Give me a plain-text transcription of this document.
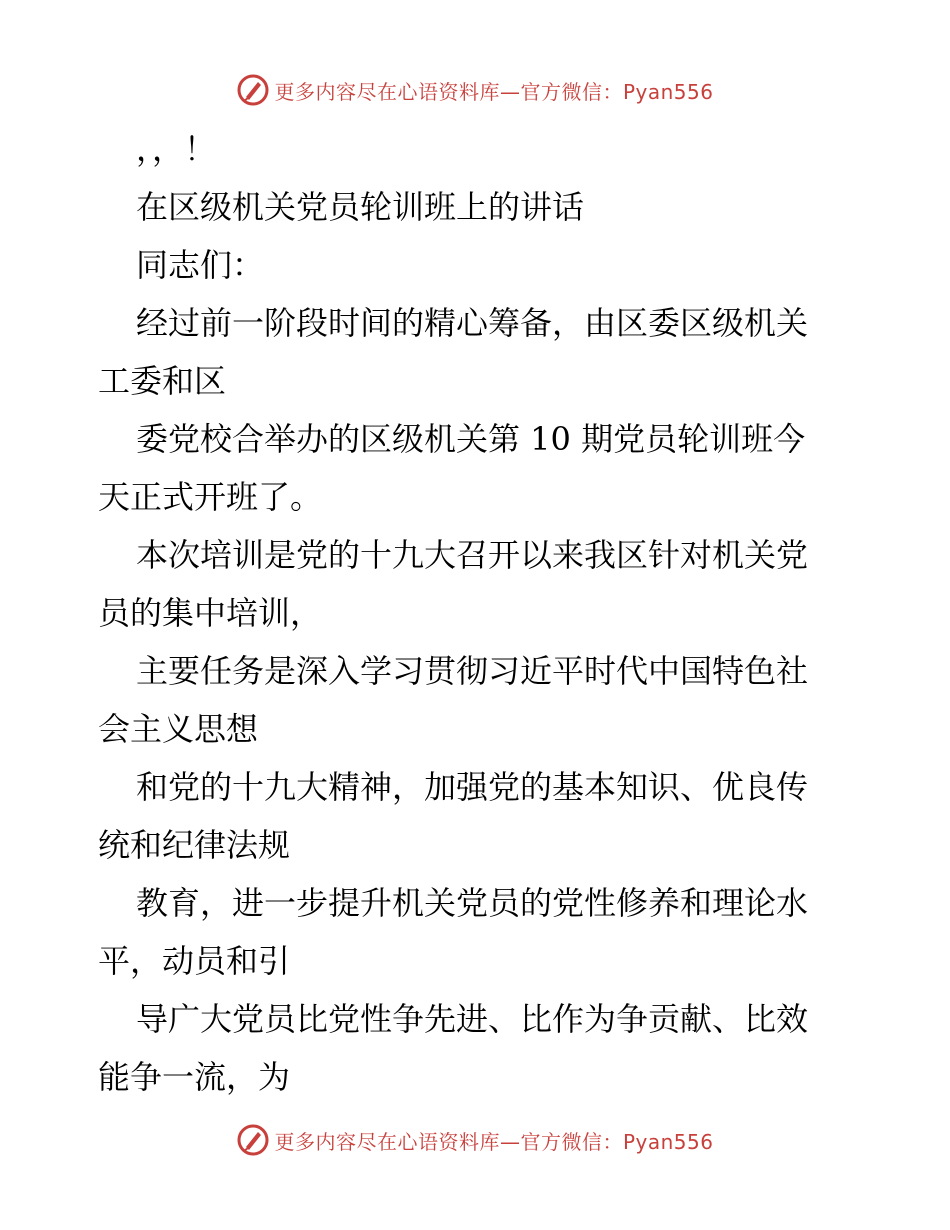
更多内容尽在心语资料库—官方微信：Pyan556
，，！
在区级机关党员轮训班上的讲话
同志们：
经过前一阶段时间的精心筹备，由区委区级机关
工委和区
委党校合举办的区级机关第 10 期党员轮训班今
天正式开班了。
本次培训是党的十九大召开以来我区针对机关党
员的集中培训，
主要任务是深入学习贯彻习近平时代中国特色社
会主义思想
和党的十九大精神，加强党的基本知识、优良传
统和纪律法规
教育，进一步提升机关党员的党性修养和理论水
平，动员和引
导广大党员比党性争先进、比作为争贡献、比效
能争一流，为
更多内容尽在心语资料库—官方微信：Pyan556
